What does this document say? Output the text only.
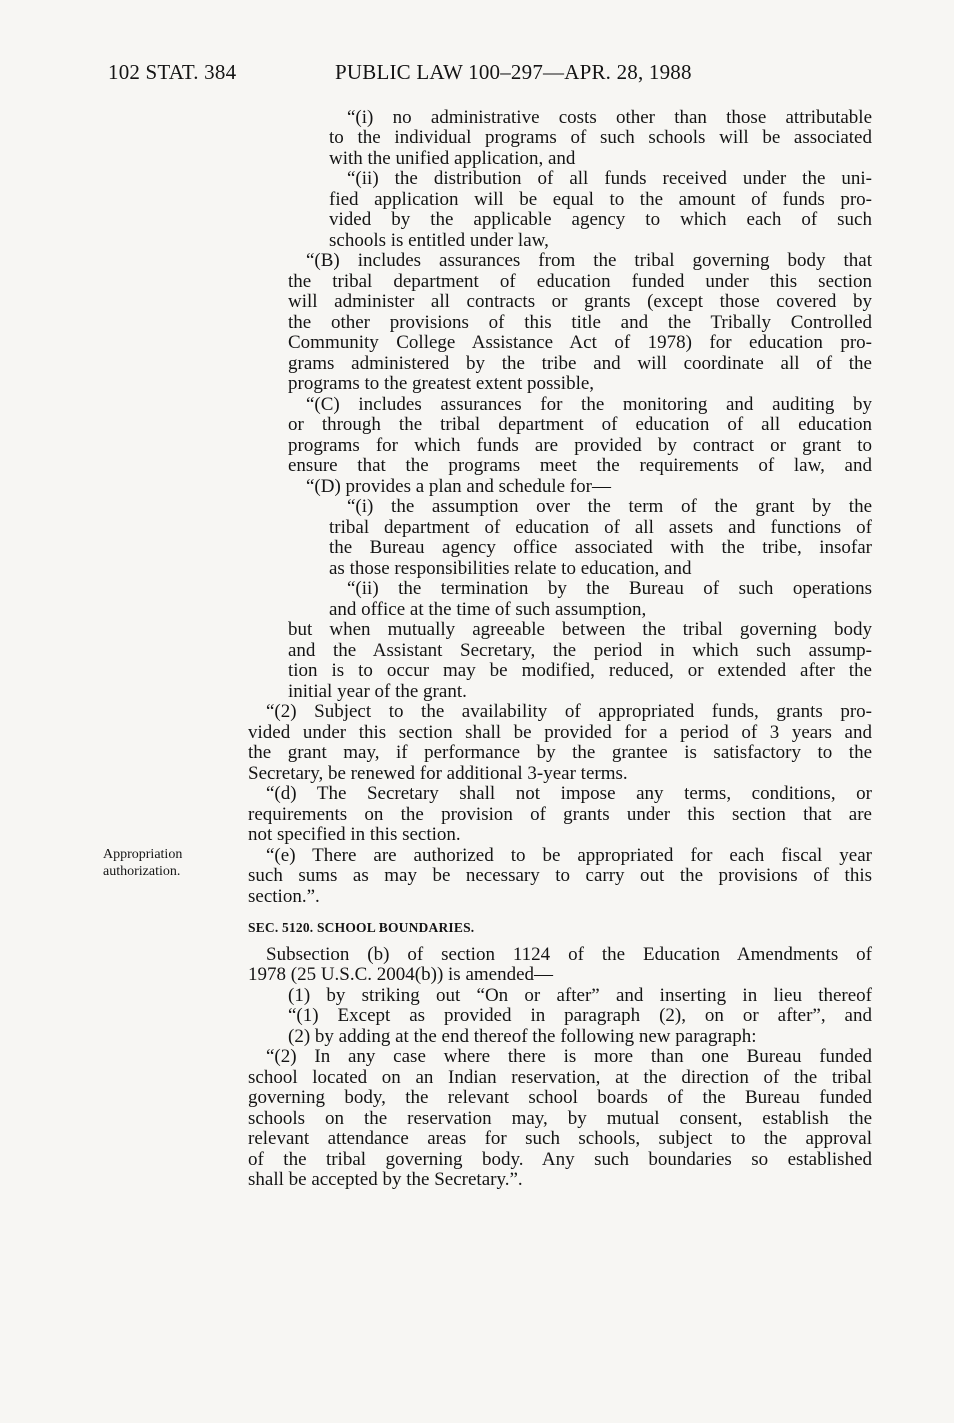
102 STAT. 384	PUBLIC LAW 100–297—APR. 28, 1988
Appropriation
authorization.
“(i) no administrative costs other than those attributable
to the individual programs of such schools will be associated
with the unified application, and
“(ii) the distribution of all funds received under the uni-
fied application will be equal to the amount of funds pro-
vided by the applicable agency to which each of such
schools is entitled under law,
“(B) includes assurances from the tribal governing body that
the tribal department of education funded under this section
will administer all contracts or grants (except those covered by
the other provisions of this title and the Tribally Controlled
Community College Assistance Act of 1978) for education pro-
grams administered by the tribe and will coordinate all of the
programs to the greatest extent possible,
“(C) includes assurances for the monitoring and auditing by
or through the tribal department of education of all education
programs for which funds are provided by contract or grant to
ensure that the programs meet the requirements of law, and
“(D) provides a plan and schedule for—
“(i) the assumption over the term of the grant by the
tribal department of education of all assets and functions of
the Bureau agency office associated with the tribe, insofar
as those responsibilities relate to education, and
“(ii) the termination by the Bureau of such operations
and office at the time of such assumption,
but when mutually agreeable between the tribal governing body
and the Assistant Secretary, the period in which such assump-
tion is to occur may be modified, reduced, or extended after the
initial year of the grant.
“(2) Subject to the availability of appropriated funds, grants pro-
vided under this section shall be provided for a period of 3 years and
the grant may, if performance by the grantee is satisfactory to the
Secretary, be renewed for additional 3-year terms.
“(d) The Secretary shall not impose any terms, conditions, or
requirements on the provision of grants under this section that are
not specified in this section.
“(e) There are authorized to be appropriated for each fiscal year
such sums as may be necessary to carry out the provisions of this
section.”.
SEC. 5120. SCHOOL BOUNDARIES.
Subsection (b) of section 1124 of the Education Amendments of
1978 (25 U.S.C. 2004(b)) is amended—
(1) by striking out “On or after” and inserting in lieu thereof
“(1) Except as provided in paragraph (2), on or after”, and
(2) by adding at the end thereof the following new paragraph:
“(2) In any case where there is more than one Bureau funded
school located on an Indian reservation, at the direction of the tribal
governing body, the relevant school boards of the Bureau funded
schools on the reservation may, by mutual consent, establish the
relevant attendance areas for such schools, subject to the approval
of the tribal governing body. Any such boundaries so established
shall be accepted by the Secretary.”.
